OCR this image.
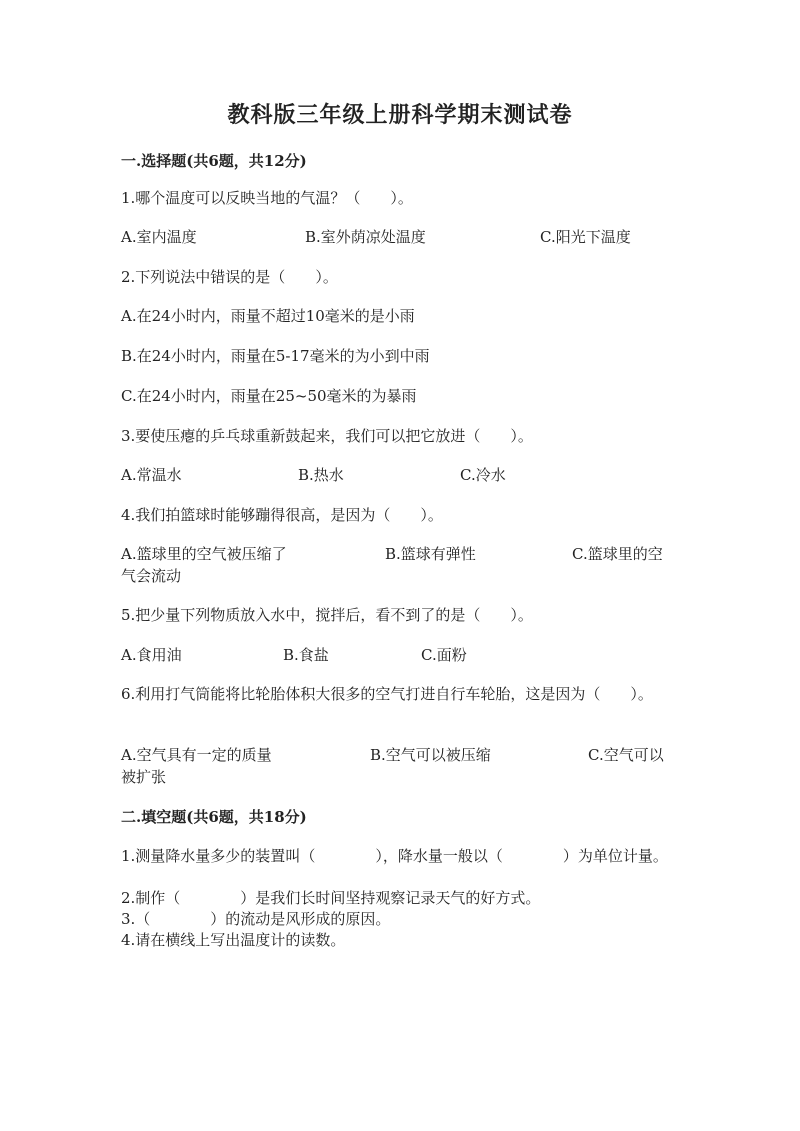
教科版三年级上册科学期末测试卷
一.选择题(共6题，共12分)
1.哪个温度可以反映当地的气温？（　　）。
A.室内温度	B.室外荫凉处温度	C.阳光下温度
2.下列说法中错误的是（　　）。
A.在24小时内，雨量不超过10毫米的是小雨
B.在24小时内，雨量在5-17毫米的为小到中雨
C.在24小时内，雨量在25~50毫米的为暴雨
3.要使压瘪的乒乓球重新鼓起来，我们可以把它放进（　　）。
A.常温水	B.热水	C.冷水
4.我们拍篮球时能够蹦得很高，是因为（　　）。
A.篮球里的空气被压缩了	B.篮球有弹性	C.篮球里的空气会流动
5.把少量下列物质放入水中，搅拌后，看不到了的是（　　）。
A.食用油	B.食盐	C.面粉
6.利用打气筒能将比轮胎体积大很多的空气打进自行车轮胎，这是因为（　　）。
A.空气具有一定的质量	B.空气可以被压缩	C.空气可以被扩张
二.填空题(共6题，共18分)
1.测量降水量多少的装置叫（　　　　），降水量一般以（　　　　）为单位计量。
2.制作（　　　　）是我们长时间坚持观察记录天气的好方式。
3.（　　　　）的流动是风形成的原因。
4.请在横线上写出温度计的读数。
